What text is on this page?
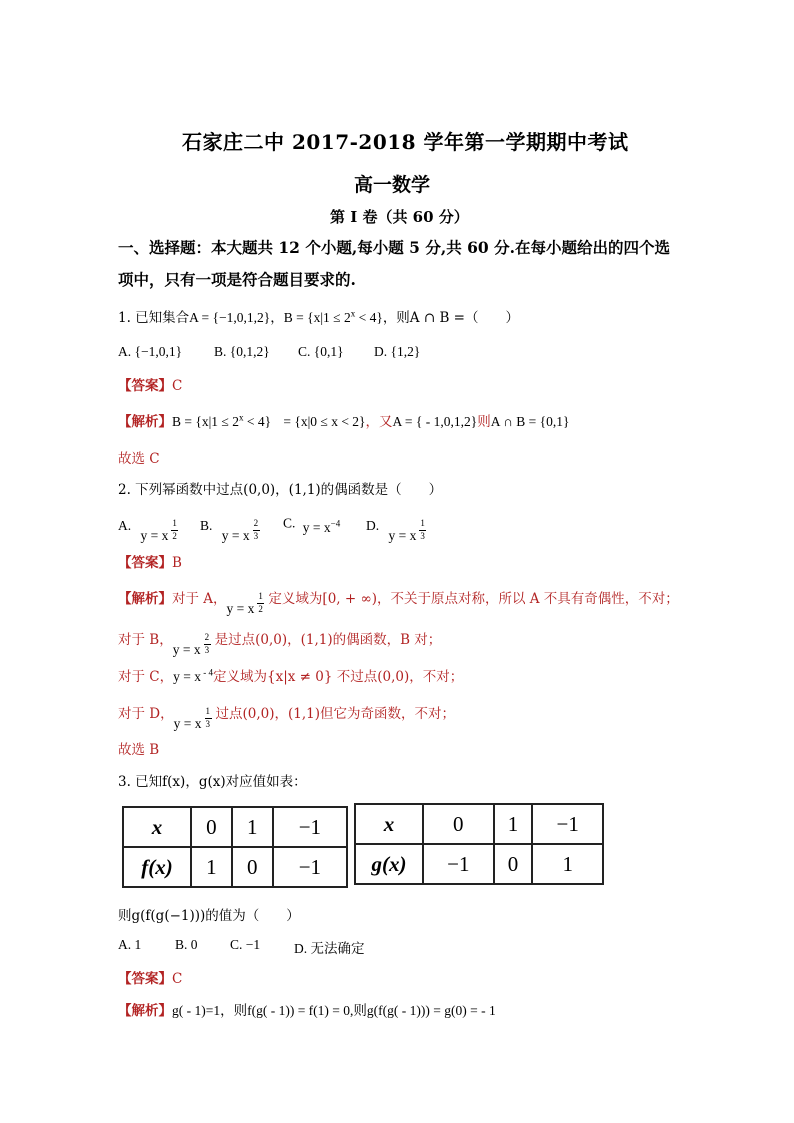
石家庄二中 2017-2018 学年第一学期期中考试
高一数学
第 I 卷（共 60 分）
一、选择题：本大题共 12 个小题,每小题 5 分,共 60 分.在每小题给出的四个选
项中，只有一项是符合题目要求的.
1. 已知集合A = {−1,0,1,2}，$B = \{x|1 \le 2^x < 4\}$，则A ∩ B =（　　）
A. {−1,0,1} B. {0,1,2} C. {0,1} D. {1,2}
【答案】C
【解析】$B = \{x|1 \le 2^x < 4\} = \{x|0 \le x < 2\}$，又A = { - 1,0,1,2}则A ∩ B = {0,1}
故选 C
2. 下列幂函数中过点(0,0)，(1,1)的偶函数是（　　）
A. y = x $\frac{1}{2} B$. y = x $\frac{2}{3}$
C. $y = x^{-4}$ D. y = x $\frac{1}{3}$
【答案】B
【解析】对于 A，y = x $\frac{1}{2}$ 定义域为[0, + ∞)，不关于原点对称，所以 A 不具有奇偶性，不对；
对于 B，y = x $\frac{2}{3}$ 是过点(0,0)，(1,1)的偶函数，B 对；
对于 C，y = x $^{- 4}$定义域为{x|x ≠ 0} 不过点(0,0)，不对；
对于 D，y = x $\frac{1}{3}$ 过点(0,0)，(1,1)但它为奇函数，不对；
故选 B
3. 已知f(x)，g(x)对应值如表：
x	0	1	−1
f(x)	1	0	−1
x	0	1	−1
g(x)	−1	0	1
则g(f(g(−1)))的值为（　　）
A. 1	B. 0 C. −1	D. 无法确定
【答案】C
【解析】g( - 1)=1，则f(g( - 1)) = f(1) = 0,则g(f(g( - 1))) = g(0) = - 1
